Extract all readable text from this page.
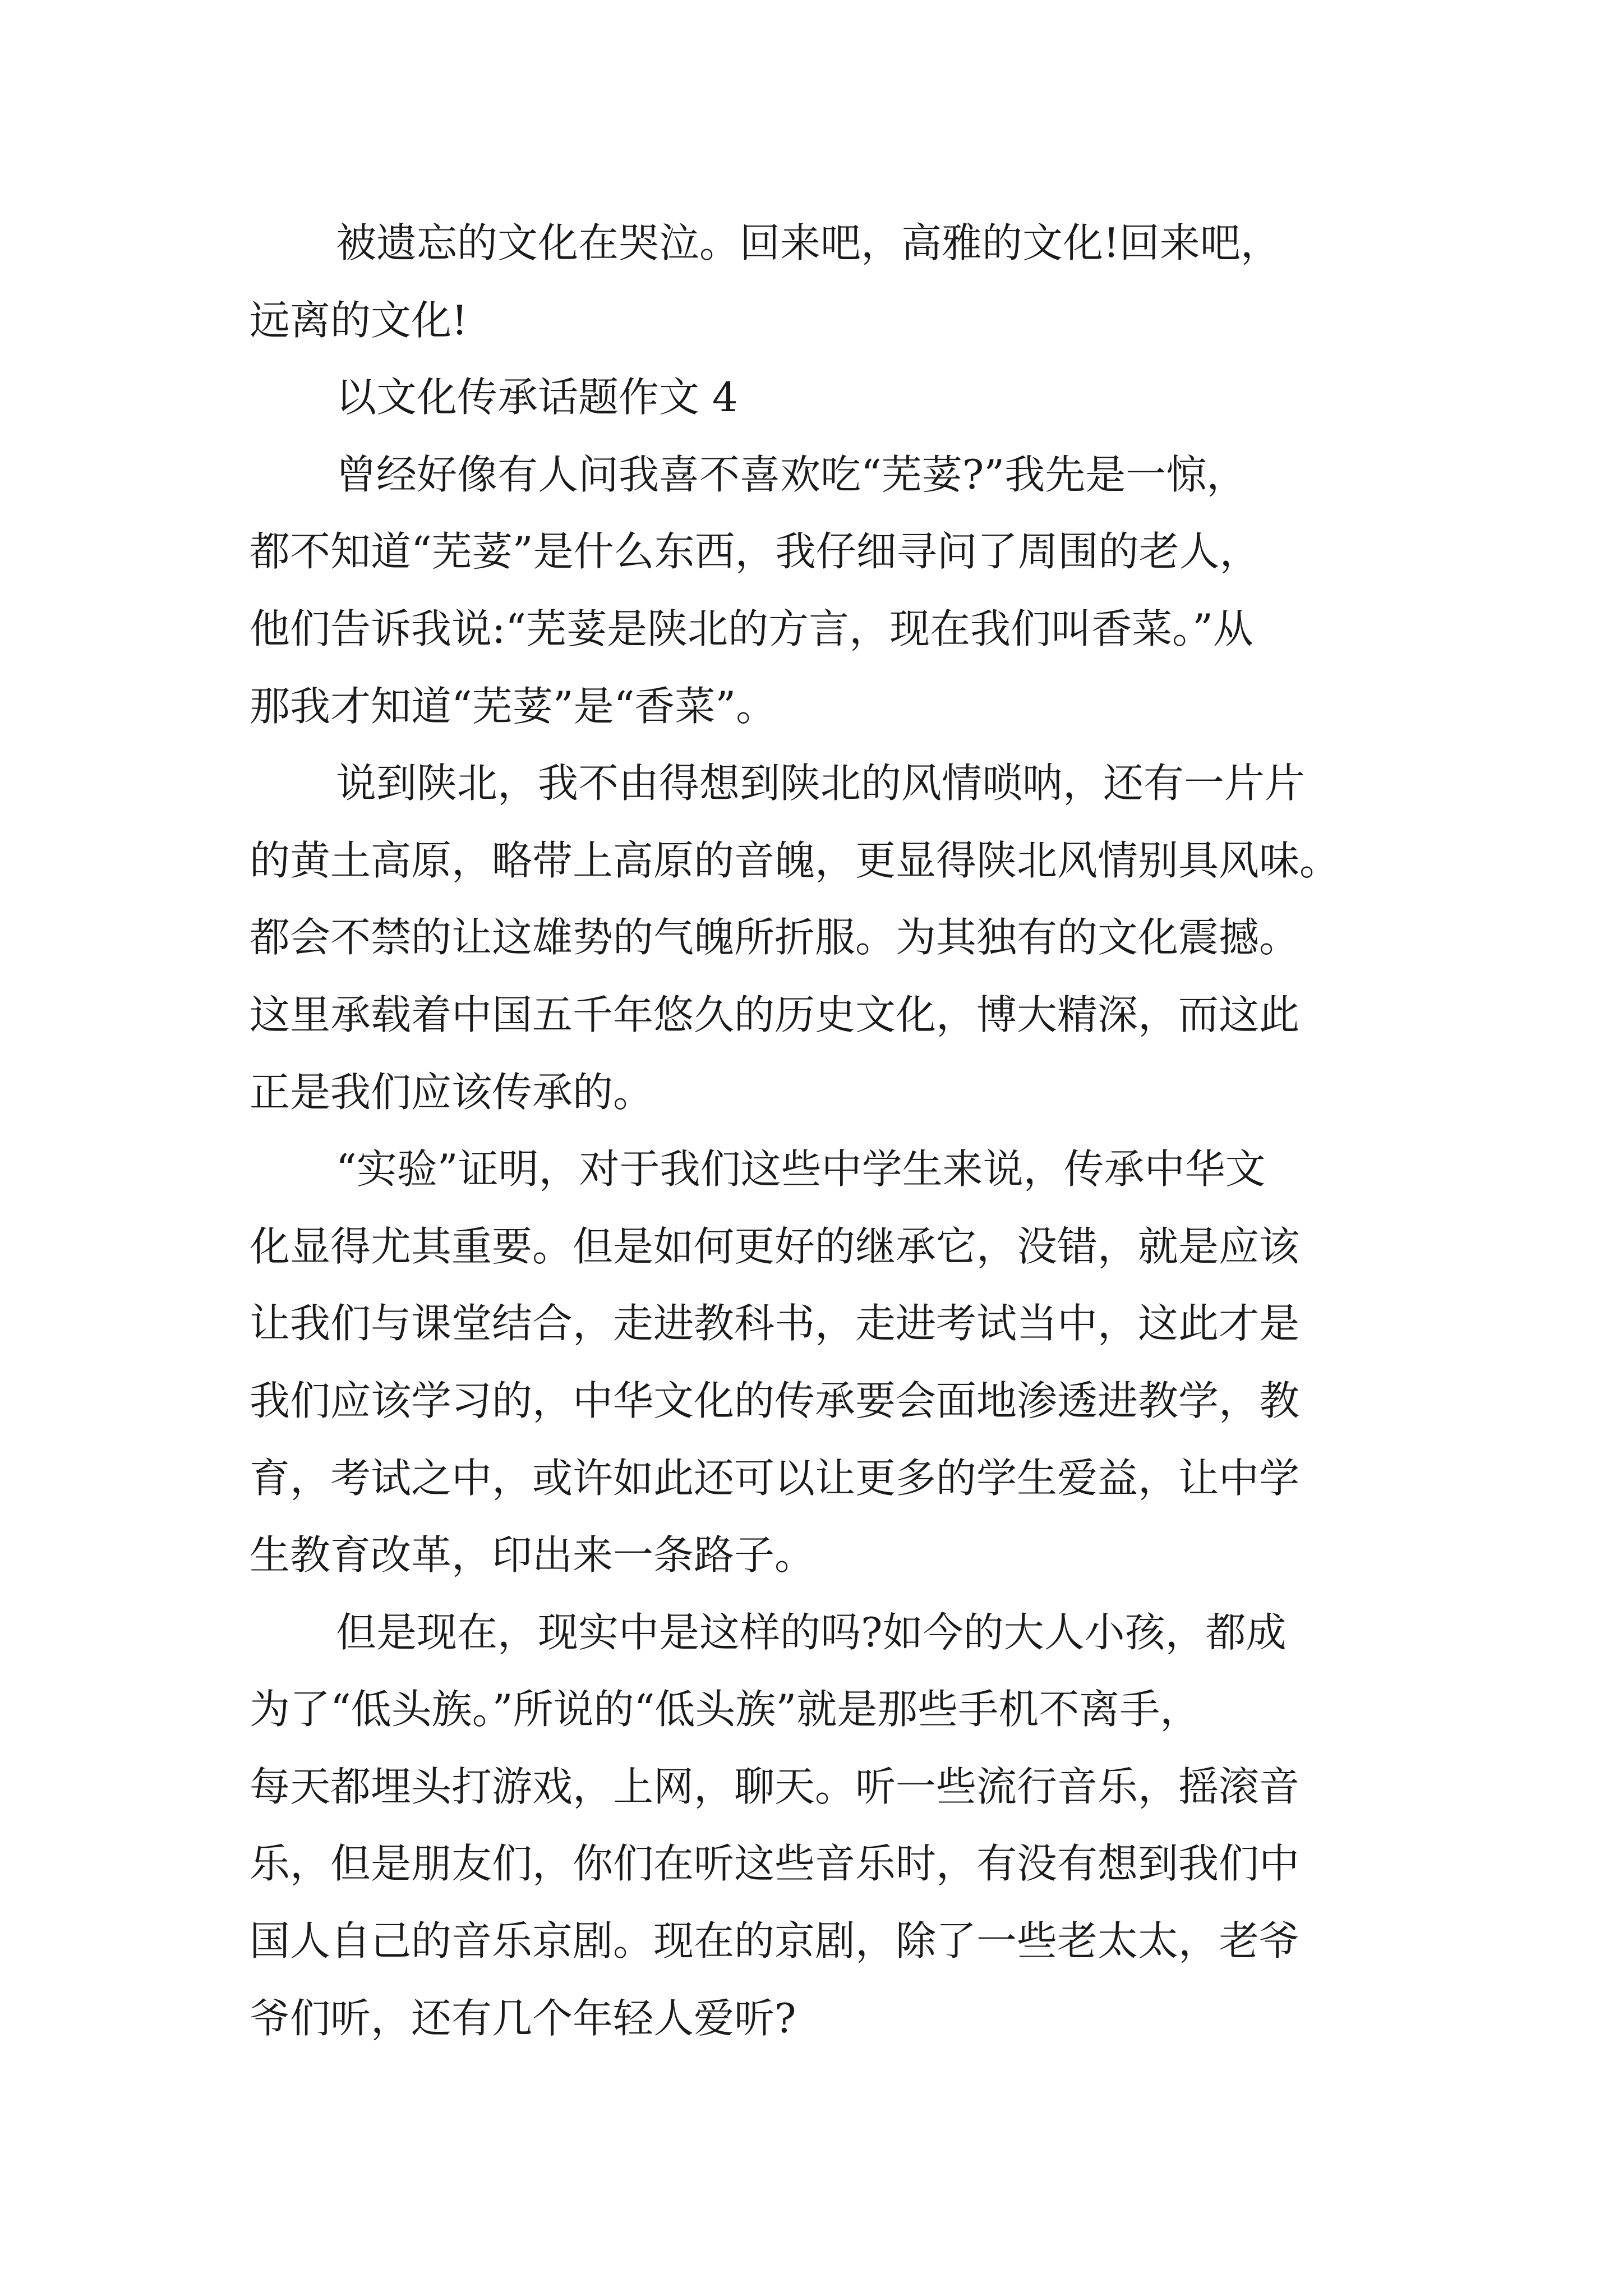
被遗忘的文化在哭泣。回来吧，高雅的文化!回来吧，
远离的文化!
以文化传承话题作文 4
曾经好像有人问我喜不喜欢吃“芜荽?”我先是一惊，
都不知道“芜荽”是什么东西，我仔细寻问了周围的老人，
他们告诉我说:“芜荽是陕北的方言，现在我们叫香菜。”从
那我才知道“芜荽”是“香菜”。
说到陕北，我不由得想到陕北的风情唢呐，还有一片片
的黄土高原，略带上高原的音魄，更显得陕北风情别具风味。
都会不禁的让这雄势的气魄所折服。为其独有的文化震撼。
这里承载着中国五千年悠久的历史文化，博大精深，而这此
正是我们应该传承的。
“实验”证明，对于我们这些中学生来说，传承中华文
化显得尤其重要。但是如何更好的继承它，没错，就是应该
让我们与课堂结合，走进教科书，走进考试当中，这此才是
我们应该学习的，中华文化的传承要会面地渗透进教学，教
育，考试之中，或许如此还可以让更多的学生爱益，让中学
生教育改革，印出来一条路子。
但是现在，现实中是这样的吗?如今的大人小孩，都成
为了“低头族。”所说的“低头族”就是那些手机不离手，
每天都埋头打游戏，上网，聊天。听一些流行音乐，摇滚音
乐，但是朋友们，你们在听这些音乐时，有没有想到我们中
国人自己的音乐京剧。现在的京剧，除了一些老太太，老爷
爷们听，还有几个年轻人爱听?
